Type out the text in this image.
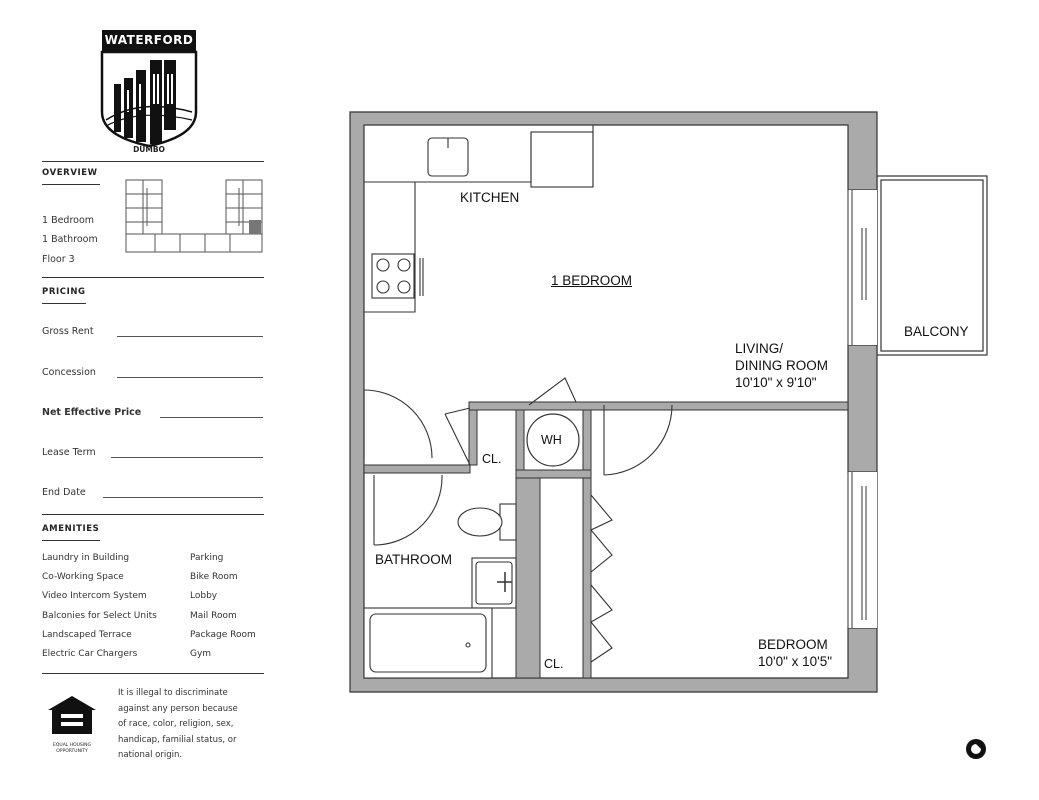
WATERFORD
DUMBO
OVERVIEW
1 Bedroom
1 Bathroom
Floor 3
PRICING
Gross Rent
Concession
Net Effective Price
Lease Term
End Date
AMENITIES
Laundry in Building
Co-Working Space
Video Intercom System
Balconies for Select Units
Landscaped Terrace
Electric Car Chargers
Parking
Bike Room
Lobby
Mail Room
Package Room
Gym
EQUAL HOUSING OPPORTUNITY
It is illegal to discriminate
against any person because
of race, color, religion, sex,
handicap, familial status, or
national origin.
KITCHEN
1 BEDROOM
LIVING/
DINING ROOM
10'10" x 9'10"
BALCONY
CL.
WH
BATHROOM
CL.
BEDROOM
10'0" x 10'5"
